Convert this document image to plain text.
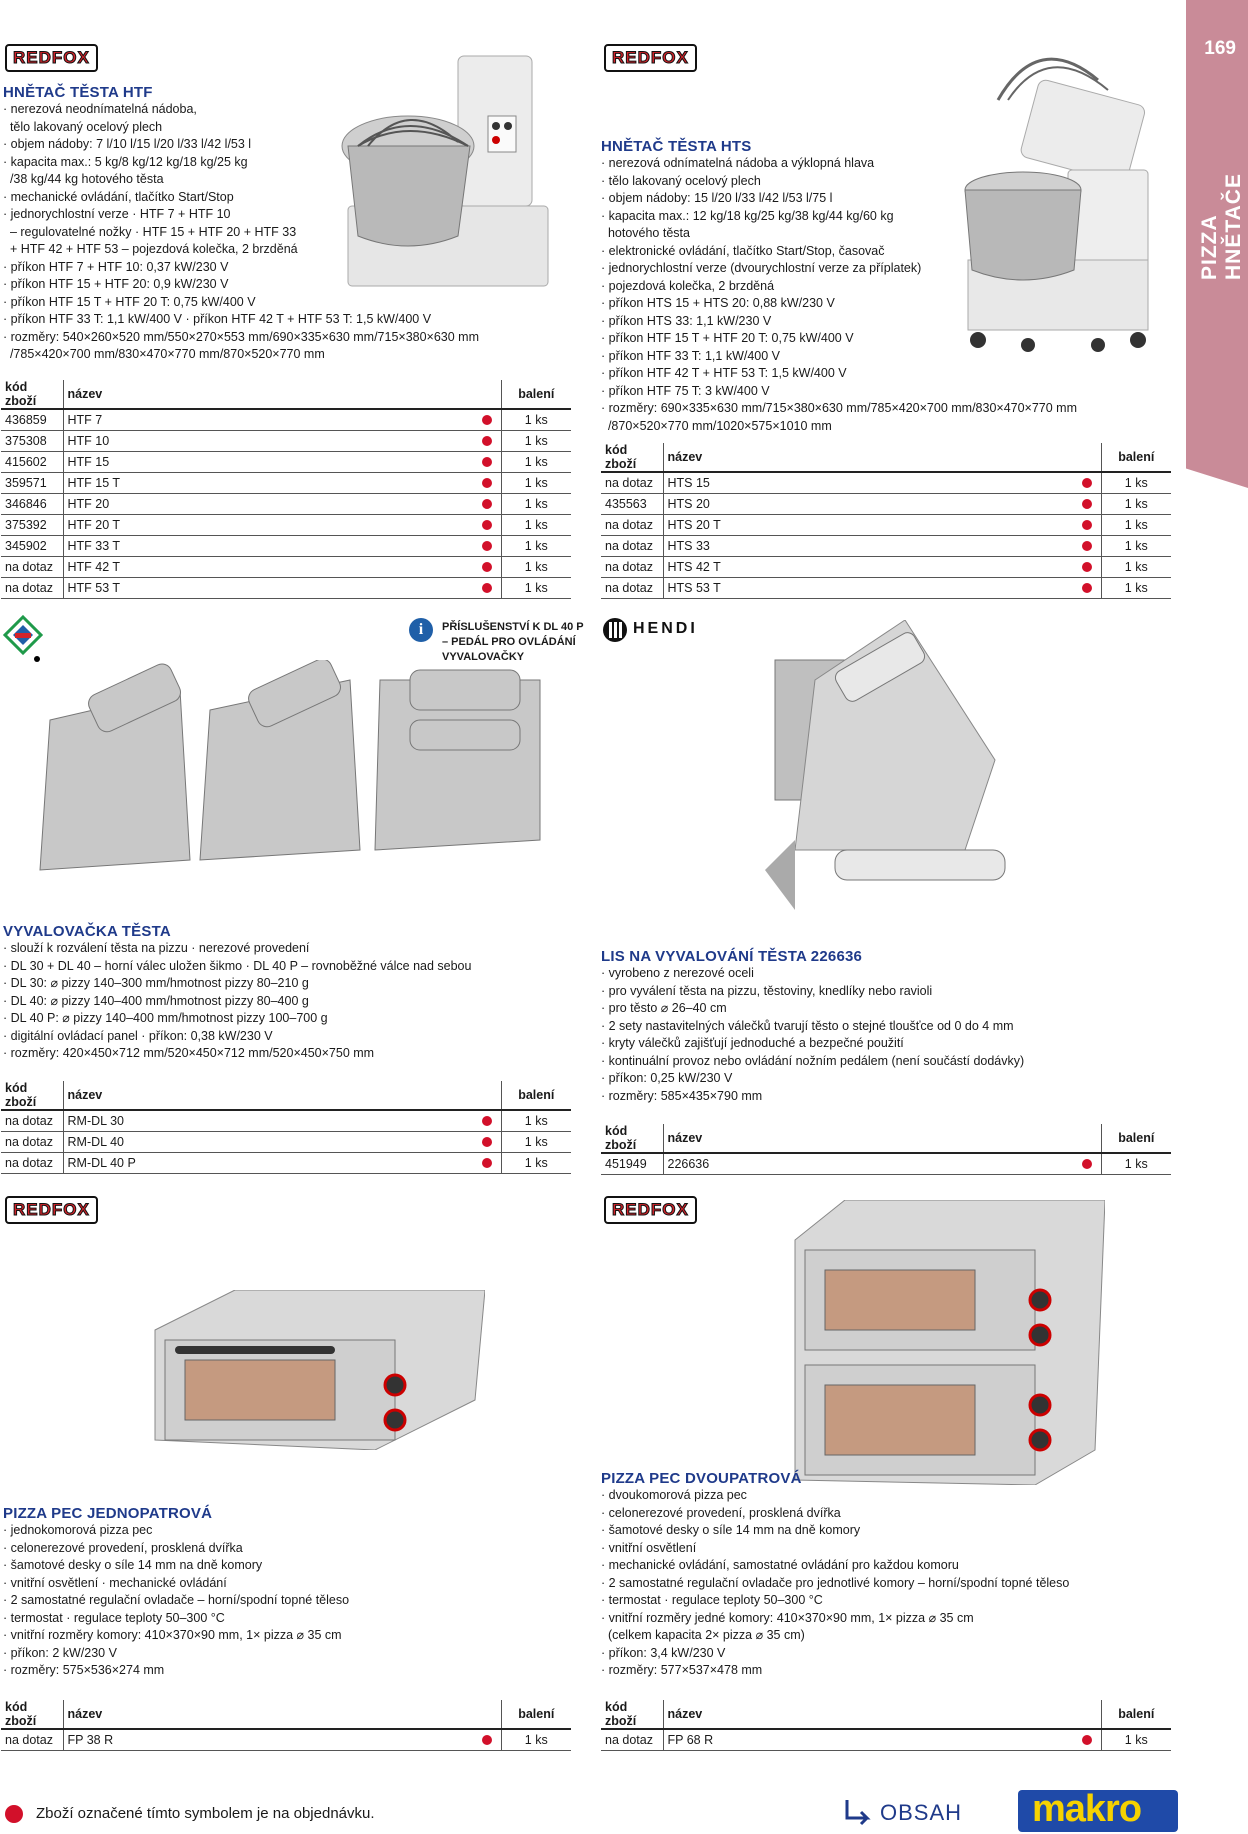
169
PIZZA HNĚTAČE
REDFOX
HNĚTAČ TĚSTA HTF
· nerezová neodnímatelná nádoba,
tělo lakovaný ocelový plech
· objem nádoby: 7 l/10 l/15 l/20 l/33 l/42 l/53 l
· kapacita max.: 5 kg/8 kg/12 kg/18 kg/25 kg
/38 kg/44 kg hotového těsta
· mechanické ovládání, tlačítko Start/Stop
· jednorychlostní verze · HTF 7 + HTF 10
– regulovatelné nožky · HTF 15 + HTF 20 + HTF 33
+ HTF 42 + HTF 53 – pojezdová kolečka, 2 brzděná
· příkon HTF 7 + HTF 10: 0,37 kW/230 V
· příkon HTF 15 + HTF 20: 0,9 kW/230 V
· příkon HTF 15 T + HTF 20 T: 0,75 kW/400 V
· příkon HTF 33 T: 1,1 kW/400 V · příkon HTF 42 T + HTF 53 T: 1,5 kW/400 V
· rozměry: 540×260×520 mm/550×270×553 mm/690×335×630 mm/715×380×630 mm
/785×420×700 mm/830×470×770 mm/870×520×770 mm
kód zboží	název		balení
436859	HTF 7		1 ks
375308	HTF 10		1 ks
415602	HTF 15		1 ks
359571	HTF 15 T		1 ks
346846	HTF 20		1 ks
375392	HTF 20 T		1 ks
345902	HTF 33 T		1 ks
na dotaz	HTF 42 T		1 ks
na dotaz	HTF 53 T		1 ks
REDFOX
HNĚTAČ TĚSTA HTS
· nerezová odnímatelná nádoba a výklopná hlava
· tělo lakovaný ocelový plech
· objem nádoby: 15 l/20 l/33 l/42 l/53 l/75 l
· kapacita max.: 12 kg/18 kg/25 kg/38 kg/44 kg/60 kg
hotového těsta
· elektronické ovládání, tlačítko Start/Stop, časovač
· jednorychlostní verze (dvourychlostní verze za příplatek)
· pojezdová kolečka, 2 brzděná
· příkon HTS 15 + HTS 20: 0,88 kW/230 V
· příkon HTS 33: 1,1 kW/230 V
· příkon HTF 15 T + HTF 20 T: 0,75 kW/400 V
· příkon HTF 33 T: 1,1 kW/400 V
· příkon HTF 42 T + HTF 53 T: 1,5 kW/400 V
· příkon HTF 75 T: 3 kW/400 V
· rozměry: 690×335×630 mm/715×380×630 mm/785×420×700 mm/830×470×770 mm
/870×520×770 mm/1020×575×1010 mm
kód zboží	název		balení
na dotaz	HTS 15		1 ks
435563	HTS 20		1 ks
na dotaz	HTS 20 T		1 ks
na dotaz	HTS 33		1 ks
na dotaz	HTS 42 T		1 ks
na dotaz	HTS 53 T		1 ks
i	PŘÍSLUŠENSTVÍ K DL 40 P
– PEDÁL PRO OVLÁDÁNÍ
VYVALOVAČKY
VYVALOVAČKA TĚSTA
· slouží k rozválení těsta na pizzu · nerezové provedení
· DL 30 + DL 40 – horní válec uložen šikmo · DL 40 P – rovnoběžné válce nad sebou
· DL 30: ⌀ pizzy 140–300 mm/hmotnost pizzy 80–210 g
· DL 40: ⌀ pizzy 140–400 mm/hmotnost pizzy 80–400 g
· DL 40 P: ⌀ pizzy 140–400 mm/hmotnost pizzy 100–700 g
· digitální ovládací panel · příkon: 0,38 kW/230 V
· rozměry: 420×450×712 mm/520×450×712 mm/520×450×750 mm
kód zboží	název		balení
na dotaz	RM-DL 30		1 ks
na dotaz	RM-DL 40		1 ks
na dotaz	RM-DL 40 P		1 ks
HENDI
LIS NA VYVALOVÁNÍ TĚSTA 226636
· vyrobeno z nerezové oceli
· pro vyválení těsta na pizzu, těstoviny, knedlíky nebo ravioli
· pro těsto ⌀ 26–40 cm
· 2 sety nastavitelných válečků tvarují těsto o stejné tloušťce od 0 do 4 mm
· kryty válečků zajišťují jednoduché a bezpečné použití
· kontinuální provoz nebo ovládání nožním pedálem (není součástí dodávky)
· příkon: 0,25 kW/230 V
· rozměry: 585×435×790 mm
kód zboží	název		balení
451949	226636		1 ks
REDFOX
PIZZA PEC JEDNOPATROVÁ
· jednokomorová pizza pec
· celonerezové provedení, prosklená dvířka
· šamotové desky o síle 14 mm na dně komory
· vnitřní osvětlení · mechanické ovládání
· 2 samostatné regulační ovladače – horní/spodní topné těleso
· termostat · regulace teploty 50–300 °C
· vnitřní rozměry komory: 410×370×90 mm, 1× pizza ⌀ 35 cm
· příkon: 2 kW/230 V
· rozměry: 575×536×274 mm
kód zboží	název		balení
na dotaz	FP 38 R		1 ks
REDFOX
PIZZA PEC DVOUPATROVÁ
· dvoukomorová pizza pec
· celonerezové provedení, prosklená dvířka
· šamotové desky o síle 14 mm na dně komory
· vnitřní osvětlení
· mechanické ovládání, samostatné ovládání pro každou komoru
· 2 samostatné regulační ovladače pro jednotlivé komory – horní/spodní topné těleso
· termostat · regulace teploty 50–300 °C
· vnitřní rozměry jedné komory: 410×370×90 mm, 1× pizza ⌀ 35 cm
(celkem kapacita 2× pizza ⌀ 35 cm)
· příkon: 3,4 kW/230 V
· rozměry: 577×537×478 mm
kód zboží	název		balení
na dotaz	FP 68 R		1 ks
Zboží označené tímto symbolem je na objednávku.	OBSAH makro
